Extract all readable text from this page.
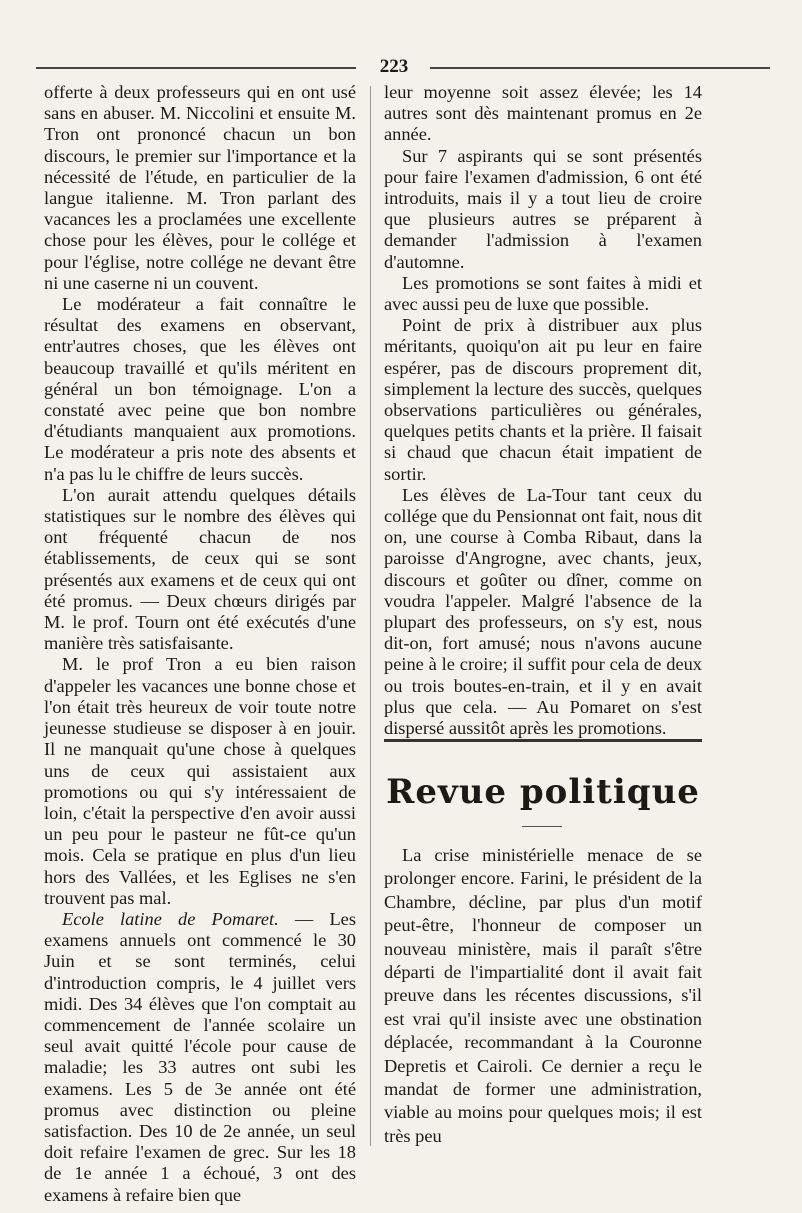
223

offerte à deux professeurs qui en ont usé sans en abuser. M. Niccolini et ensuite M. Tron ont prononcé chacun un bon discours, le premier sur l'importance et la nécessité de l'étude, en particulier de la langue italienne. M. Tron parlant des vacances les a proclamées une excellente chose pour les élèves, pour le collége et pour l'église, notre collége ne devant être ni une caserne ni un couvent.

Le modérateur a fait connaître le résultat des examens en observant, entr'autres choses, que les élèves ont beaucoup travaillé et qu'ils méritent en général un bon témoignage. L'on a constaté avec peine que bon nombre d'étudiants manquaient aux promotions. Le modérateur a pris note des absents et n'a pas lu le chiffre de leurs succès.

L'on aurait attendu quelques détails statistiques sur le nombre des élèves qui ont fréquenté chacun de nos établissements, de ceux qui se sont présentés aux examens et de ceux qui ont été promus. — Deux chœurs dirigés par M. le prof. Tourn ont été exécutés d'une manière très satisfaisante.

M. le prof Tron a eu bien raison d'appeler les vacances une bonne chose et l'on était très heureux de voir toute notre jeunesse studieuse se disposer à en jouir. Il ne manquait qu'une chose à quelques uns de ceux qui assistaient aux promotions ou qui s'y intéressaient de loin, c'était la perspective d'en avoir aussi un peu pour le pasteur ne fût-ce qu'un mois. Cela se pratique en plus d'un lieu hors des Vallées, et les Eglises ne s'en trouvent pas mal.

Ecole latine de Pomaret. — Les examens annuels ont commencé le 30 Juin et se sont terminés, celui d'introduction compris, le 4 juillet vers midi. Des 34 élèves que l'on comptait au commencement de l'année scolaire un seul avait quitté l'école pour cause de maladie; les 33 autres ont subi les examens. Les 5 de 3e année ont été promus avec distinction ou pleine satisfaction. Des 10 de 2e année, un seul doit refaire l'examen de grec. Sur les 18 de 1e année 1 a échoué, 3 ont des examens à refaire bien que

leur moyenne soit assez élevée; les 14 autres sont dès maintenant promus en 2e année.

Sur 7 aspirants qui se sont présentés pour faire l'examen d'admission, 6 ont été introduits, mais il y a tout lieu de croire que plusieurs autres se préparent à demander l'admission à l'examen d'automne.

Les promotions se sont faites à midi et avec aussi peu de luxe que possible.

Point de prix à distribuer aux plus méritants, quoiqu'on ait pu leur en faire espérer, pas de discours proprement dit, simplement la lecture des succès, quelques observations particulières ou générales, quelques petits chants et la prière. Il faisait si chaud que chacun était impatient de sortir.

Les élèves de La-Tour tant ceux du collége que du Pensionnat ont fait, nous dit on, une course à Comba Ribaut, dans la paroisse d'Angrogne, avec chants, jeux, discours et goûter ou dîner, comme on voudra l'appeler. Malgré l'absence de la plupart des professeurs, on s'y est, nous dit-on, fort amusé; nous n'avons aucune peine à le croire; il suffit pour cela de deux ou trois boutes-en-train, et il y en avait plus que cela. — Au Pomaret on s'est dispersé aussitôt après les promotions.

Revue politique

La crise ministérielle menace de se prolonger encore. Farini, le président de la Chambre, décline, par plus d'un motif peut-être, l'honneur de composer un nouveau ministère, mais il paraît s'être départi de l'impartialité dont il avait fait preuve dans les récentes discussions, s'il est vrai qu'il insiste avec une obstination déplacée, recommandant à la Couronne Depretis et Cairoli. Ce dernier a reçu le mandat de former une administration, viable au moins pour quelques mois; il est très peu
